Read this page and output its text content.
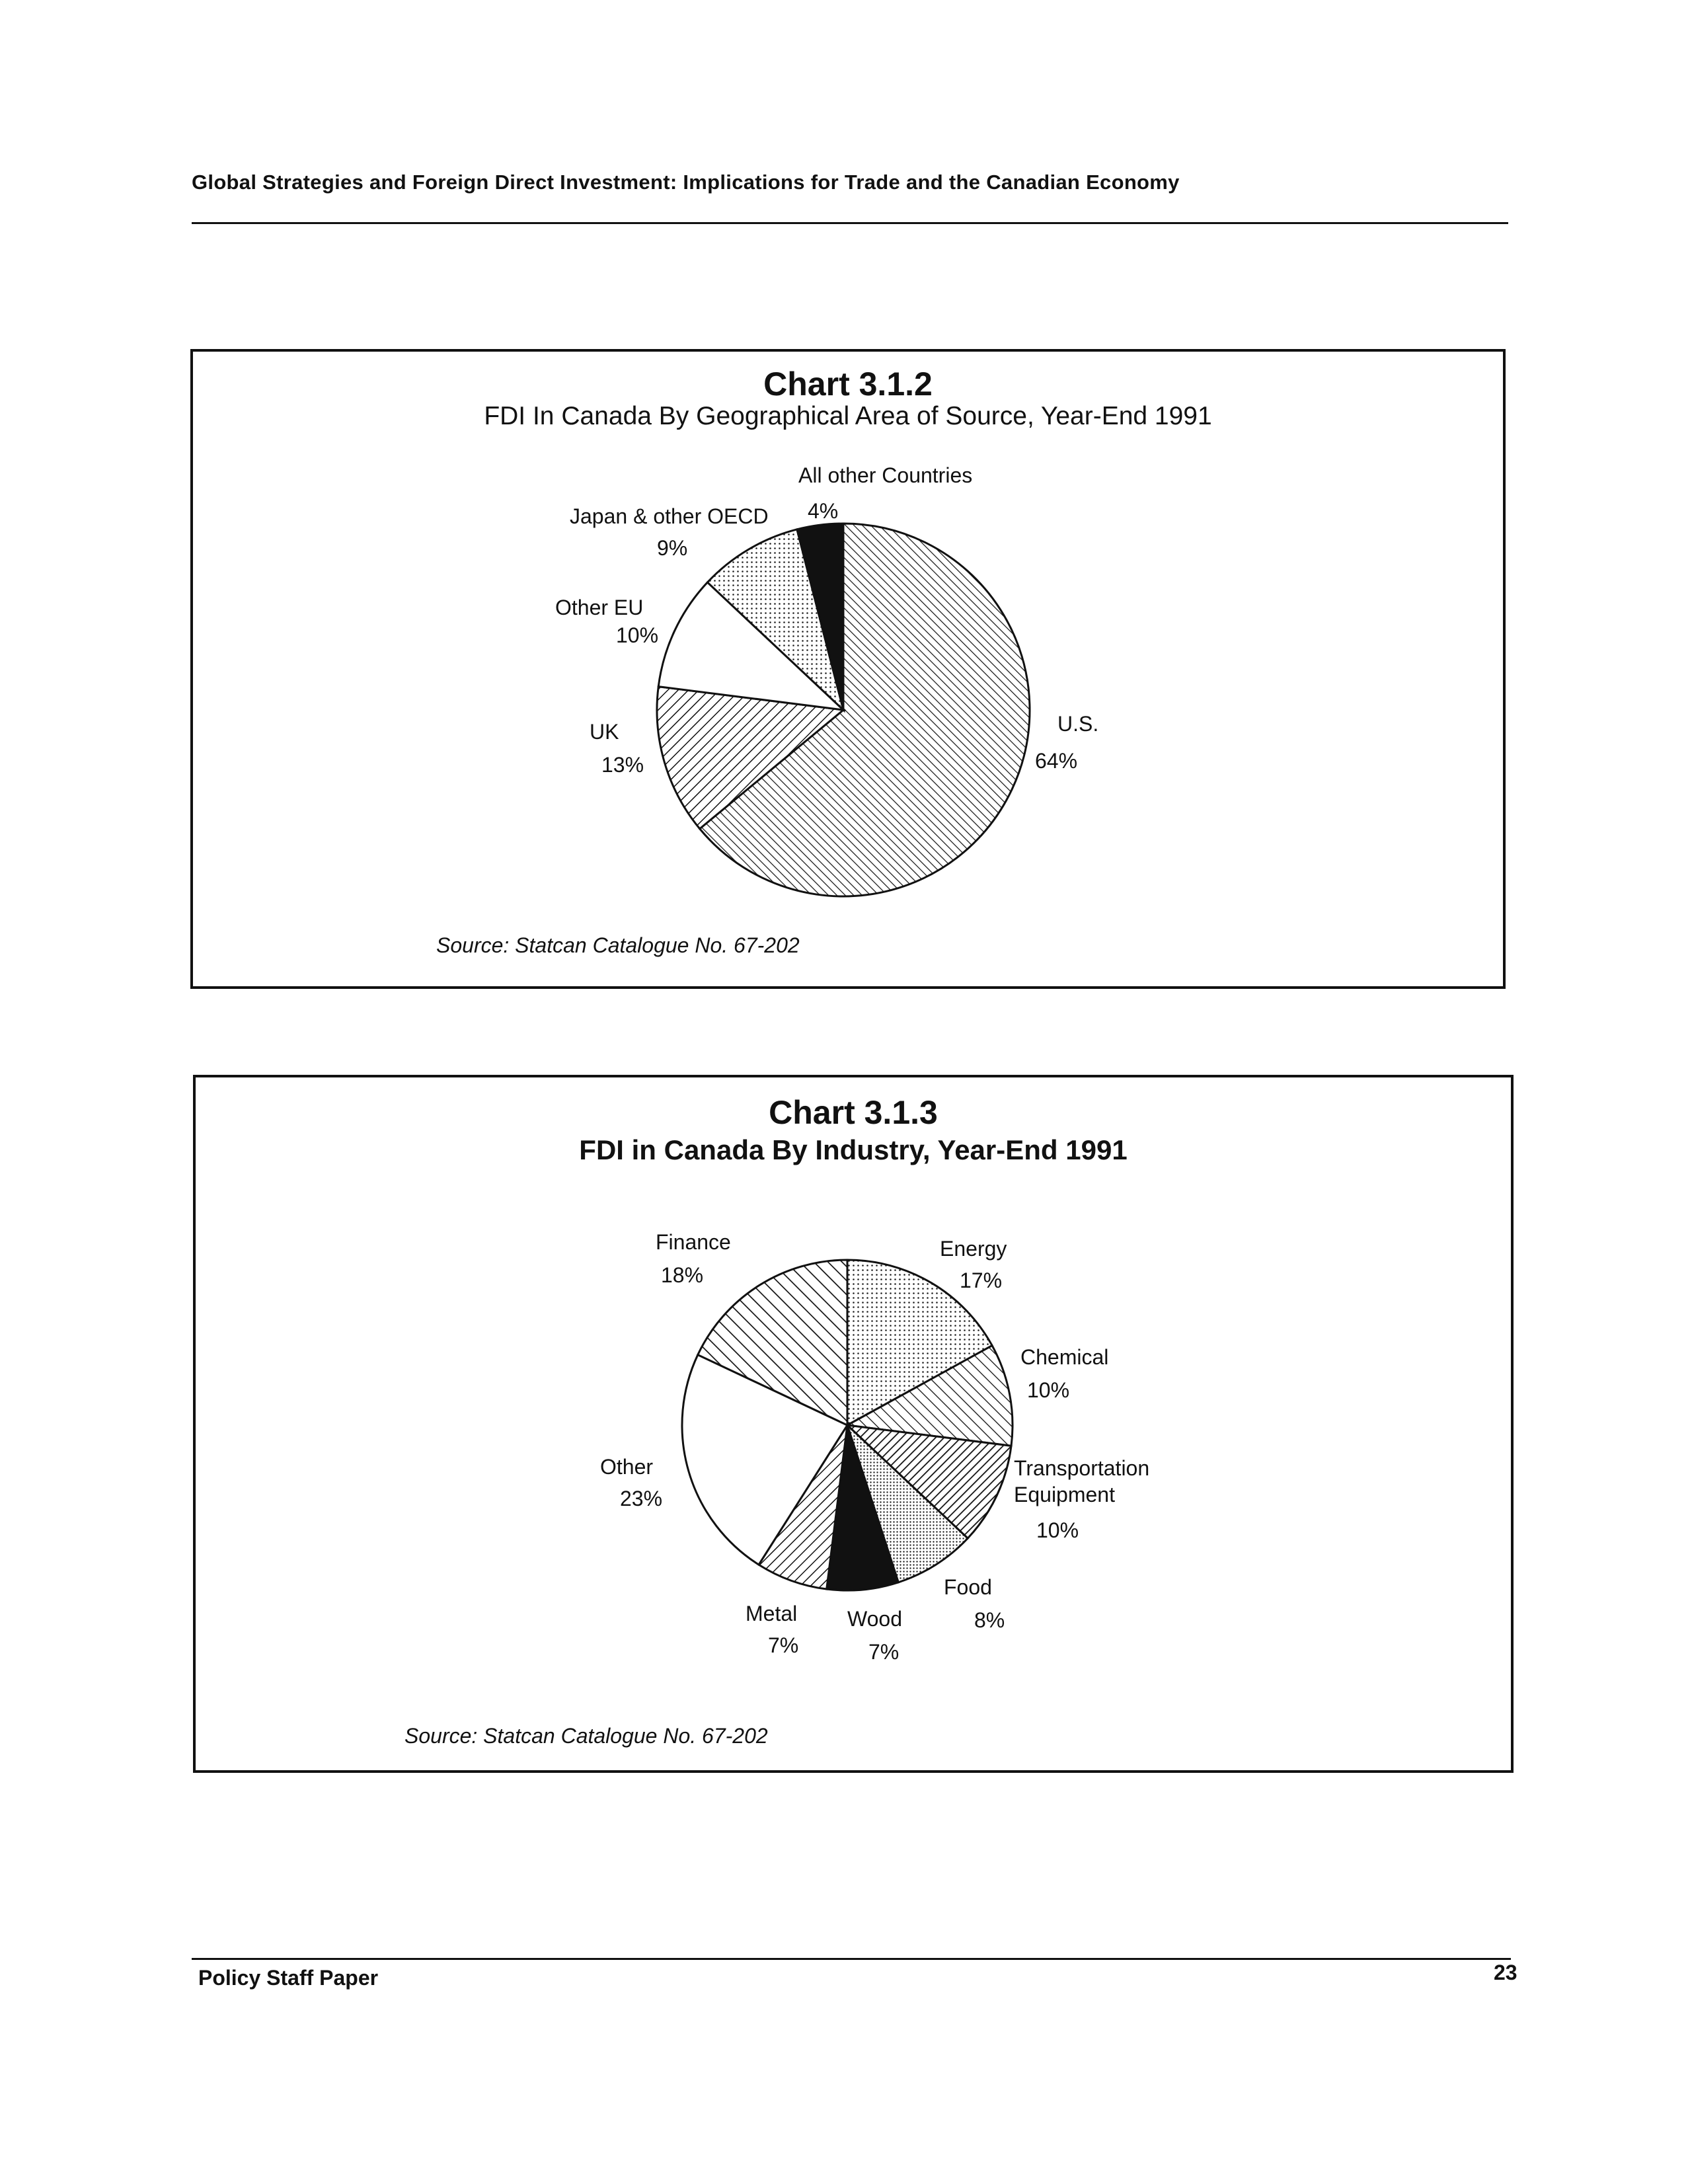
Global Strategies and Foreign Direct Investment: Implications for Trade and the Canadian Economy
Chart 3.1.2
FDI In Canada By Geographical Area of Source, Year-End 1991
Source: Statcan Catalogue No. 67-202
Chart 3.1.3
FDI in Canada By Industry, Year-End 1991
Source: Statcan Catalogue No. 67-202
U.S.
64%
UK
13%
Other EU
10%
Japan & other OECD
9%
All other Countries
4%
Energy
17%
Chemical
10%
Transportation
Equipment
10%
Food
8%
Wood
7%
Metal
7%
Other
23%
Finance
18%
Policy Staff Paper	23
